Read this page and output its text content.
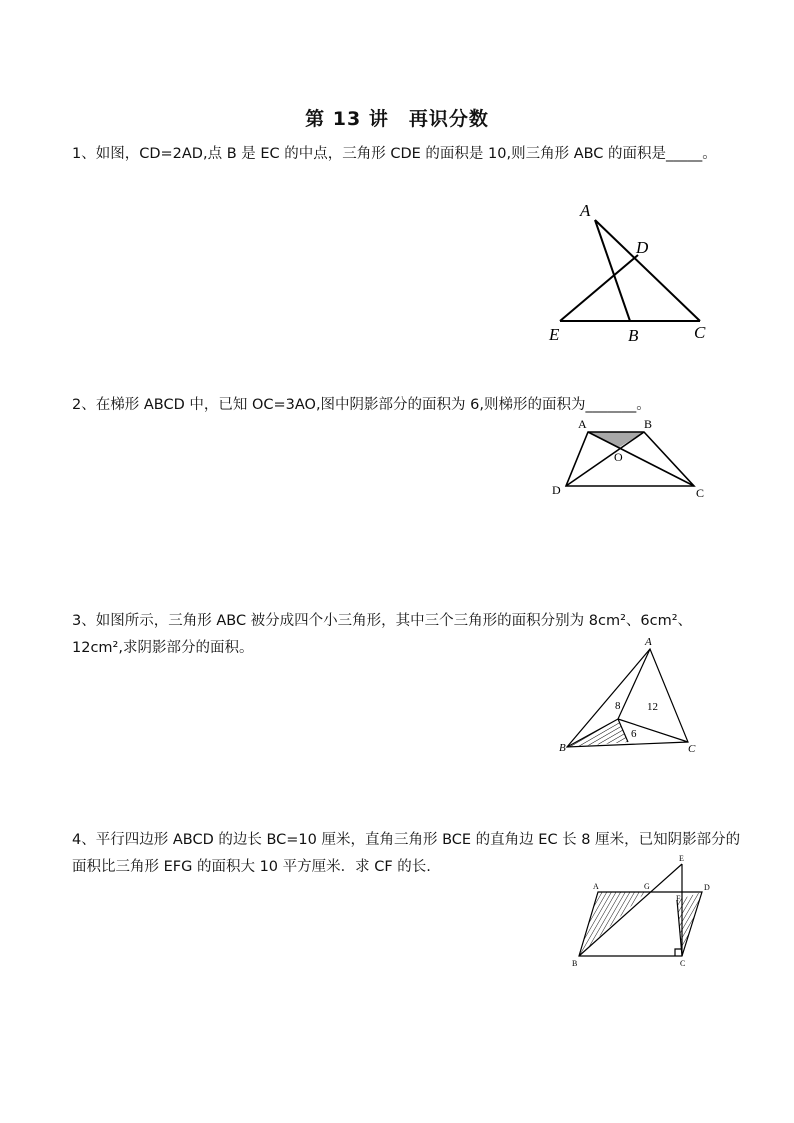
第 13 讲　再识分数
1、如图，CD=2AD,点 B 是 EC 的中点，三角形 CDE 的面积是 10,则三角形 ABC 的面积是_____。
A
D
E	B	C
2、在梯形 ABCD 中，已知 OC=3AO,图中阴影部分的面积为 6,则梯形的面积为_______。
A	B
O
D	C
3、如图所示，三角形 ABC 被分成四个小三角形，其中三个三角形的面积分别为 8cm²、6cm²、12cm²,求阴影部分的面积。	A
B	C
8 12
6
4、平行四边形 ABCD 的边长 BC=10 厘米，直角三角形 BCE 的直角边 EC 长 8 厘米，已知阴影部分的面积比三角形 EFG 的面积大 10 平方厘米．求 CF 的长.
A	G
E
D
F
B	C
